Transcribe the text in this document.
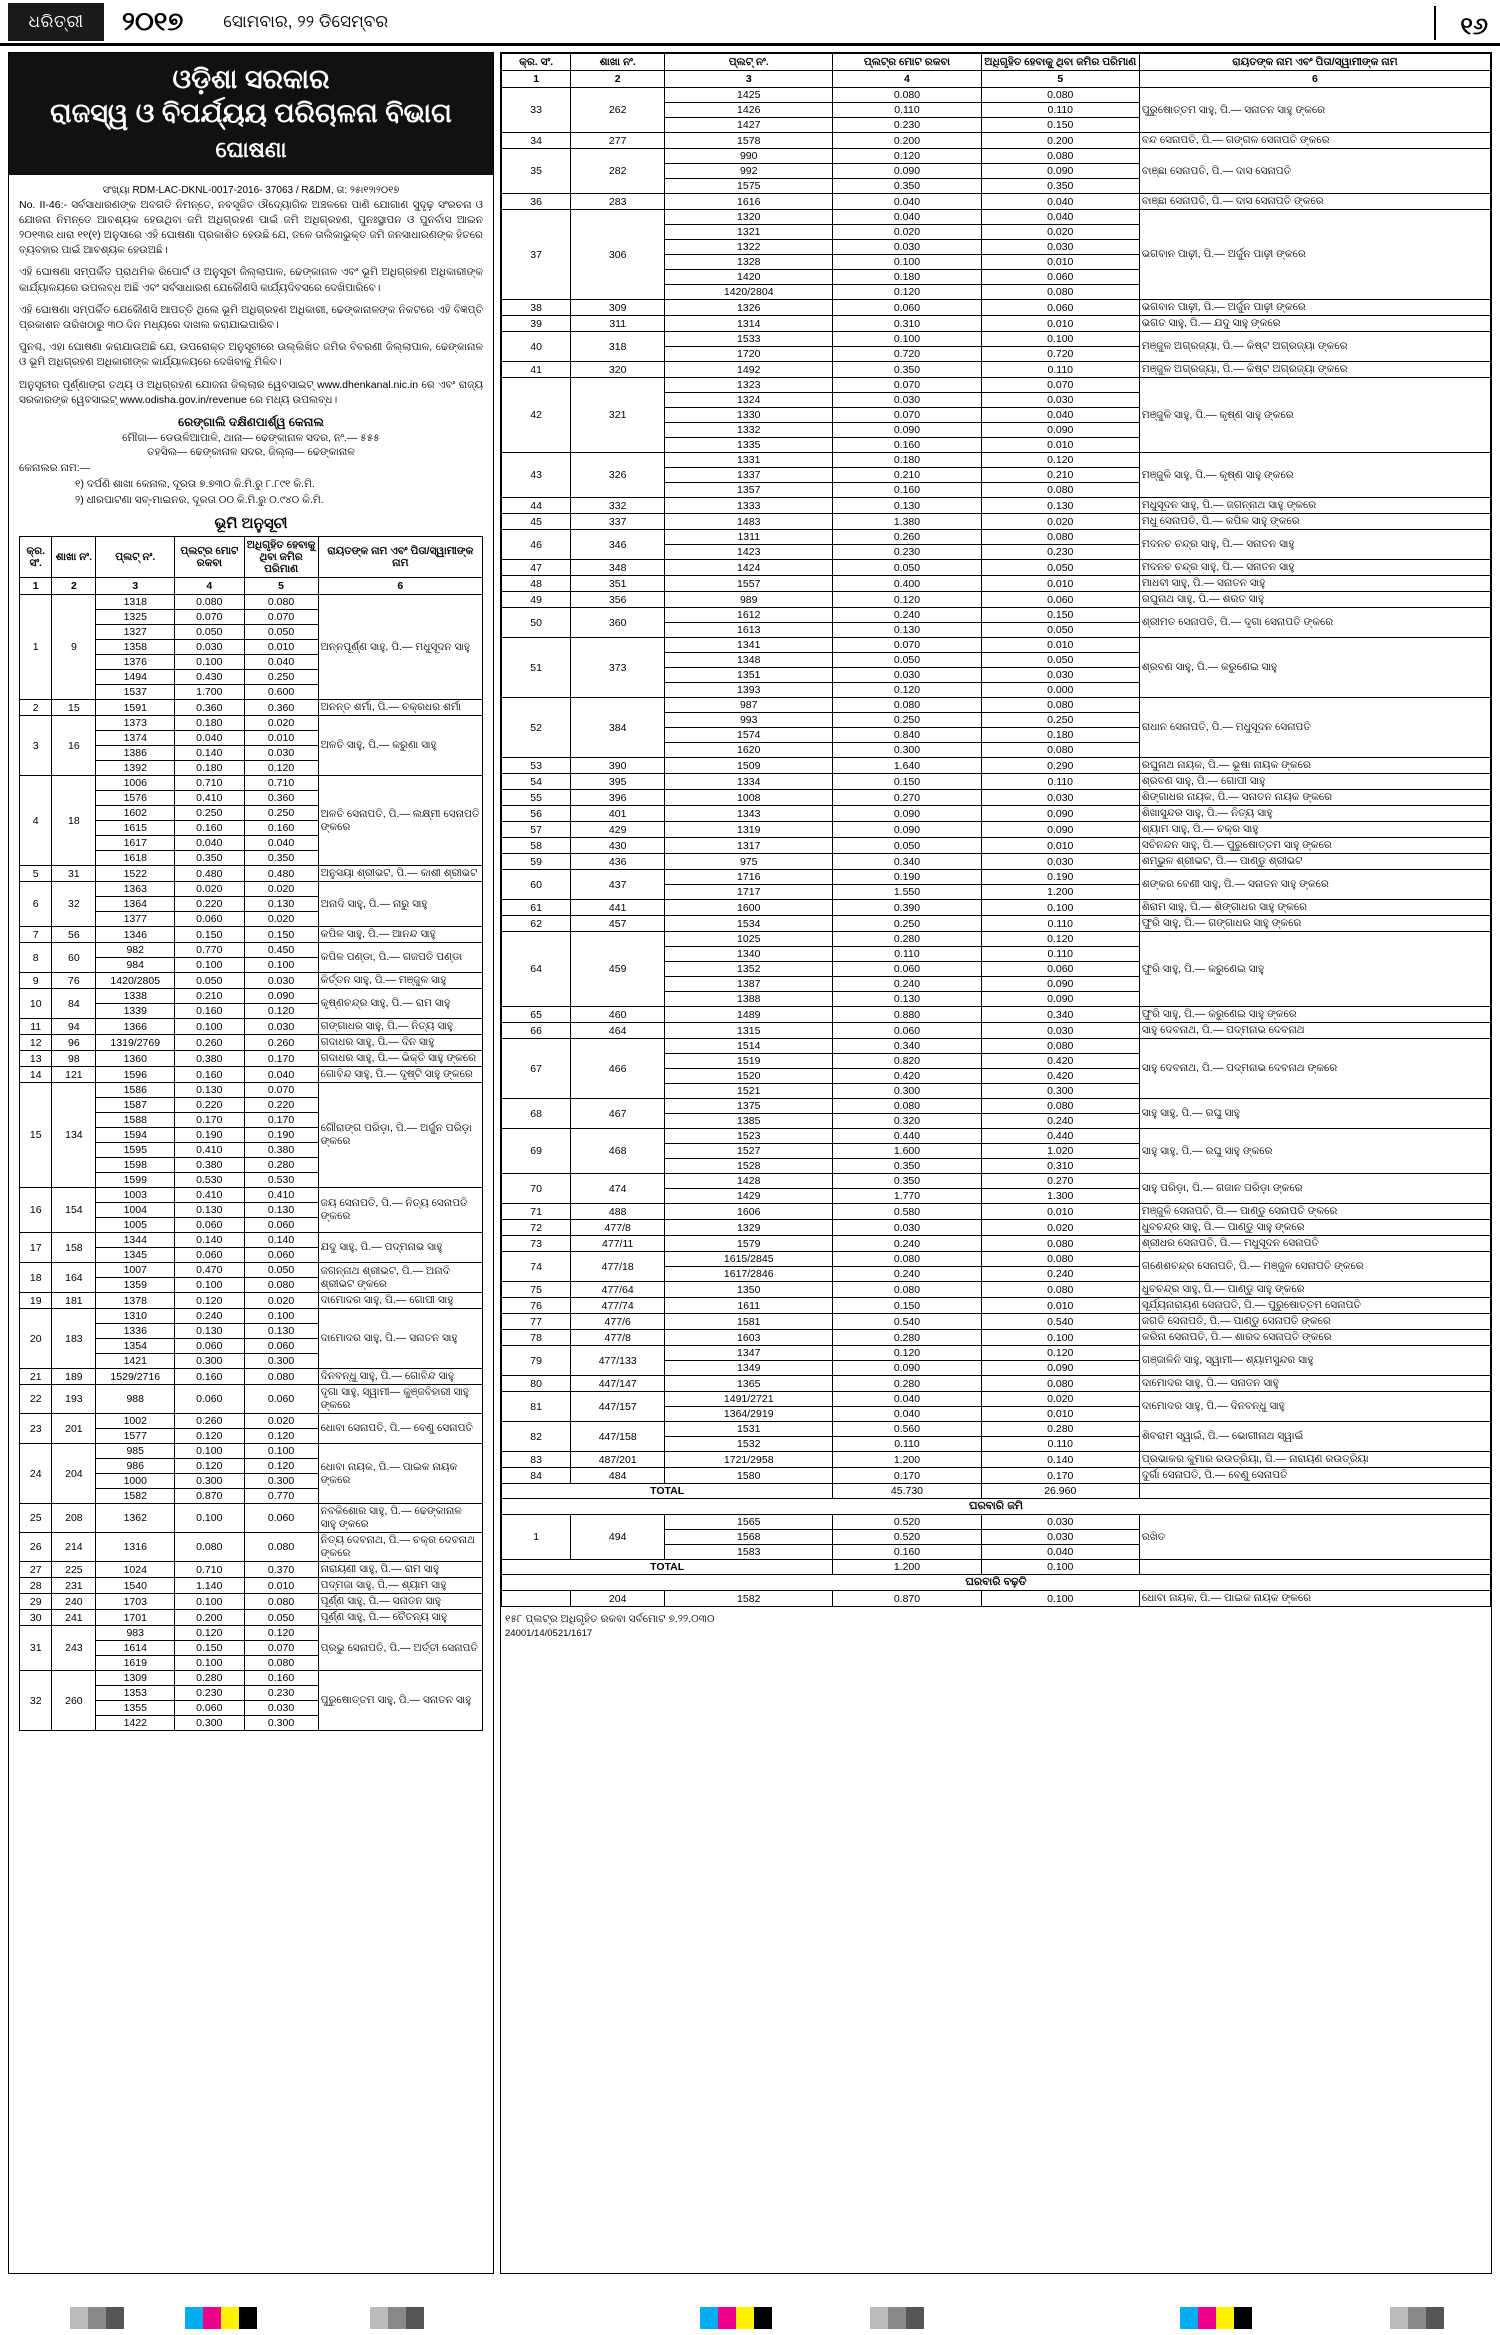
ଧରିତ୍ରୀ	୨୦୧୭ ସୋମବାର, ୨୨ ଡିସେମ୍ବର	୧୬
ଓଡ଼ିଶା ସରକାର
ରାଜସ୍ୱ ଓ ବିପର୍ଯ୍ୟୟ ପରିଚାଳନା ବିଭାଗ
ଘୋଷଣା
ସଂଖ୍ୟା RDM-LAC-DKNL-0017-2016- 37063 / R&DM, ତା: ୨୫୲୧୨୲୨୦୧୭

No. II-46:- ସର୍ବସାଧାରଣଙ୍କ ଅବଗତି ନିମନ୍ତେ, ନବସୃଜିତ ଔଦ୍ୟୋଗିକ ଅଞ୍ଚଳରେ ପାଣି ଯୋଗାଣ ସୁଦୃଢ଼ ସଂରଚନା ଓ ଯୋଜନା ନିମନ୍ତେ ଆବଶ୍ୟକ ହେଉଥିବା ଜମି ଅଧିଗ୍ରହଣ ପାଇଁ ଜମି ଅଧିଗ୍ରହଣ, ପୁନଃସ୍ଥାପନ ଓ ପୁନର୍ବାସ ଆଇନ ୨୦୧୩ର ଧାରା ୧୧(୧) ଅନୁସାରେ ଏହି ଘୋଷଣା ପ୍ରକାଶିତ ହେଉଛି ଯେ, ତଳେ ତାଲିକାଭୁକ୍ତ ଜମି ଜନସାଧାରଣଙ୍କ ହିତରେ ବ୍ୟବହାର ପାଇଁ ଆବଶ୍ୟକ ହେଉଅଛି।

ଏହି ଘୋଷଣା ସମ୍ପର୍କିତ ପ୍ରାଥମିକ ରିପୋର୍ଟ ଓ ଅନୁସୂଚୀ ଜିଲ୍ଲାପାଳ, ଢେଙ୍କାନାଳ ଏବଂ ଭୂମି ଅଧିଗ୍ରହଣ ଅଧିକାରୀଙ୍କ କାର୍ଯ୍ୟାଳୟରେ ଉପଲବ୍ଧ ଅଛି ଏବଂ ସର୍ବସାଧାରଣ ଯେକୌଣସି କାର୍ଯ୍ୟଦିବସରେ ଦେଖିପାରିବେ।

ଏହି ଘୋଷଣା ସମ୍ପର୍କିତ ଯେକୌଣସି ଆପତ୍ତି ଥିଲେ ଭୂମି ଅଧିଗ୍ରହଣ ଅଧିକାରୀ, ଢେଙ୍କାନାଳଙ୍କ ନିକଟରେ ଏହି ବିଜ୍ଞପ୍ତି ପ୍ରକାଶନ ତାରିଖଠାରୁ ୩୦ ଦିନ ମଧ୍ୟରେ ଦାଖଲ କରାଯାଇପାରିବ।

ପୁନଶ୍ଚ, ଏହା ଘୋଷଣା କରାଯାଉଅଛି ଯେ, ଉପରୋକ୍ତ ଅନୁସୂଚୀରେ ଉଲ୍ଲିଖିତ ଜମିର ବିବରଣୀ ଜିଲ୍ଲାପାଳ, ଢେଙ୍କାନାଳ ଓ ଭୂମି ଅଧିଗ୍ରହଣ ଅଧିକାରୀଙ୍କ କାର୍ଯ୍ୟାଳୟରେ ଦେଖିବାକୁ ମିଳିବ।

ଅନୁସୂଚୀର ପୂର୍ଣ୍ଣାଙ୍ଗ ତଥ୍ୟ ଓ ଅଧିଗ୍ରହଣ ଯୋଜନା ଜିଲ୍ଲାର ୱେବସାଇଟ୍ www.dhenkanal.nic.in ରେ ଏବଂ ରାଜ୍ୟ ସରକାରଙ୍କ ୱେବସାଇଟ୍ www.odisha.gov.in/revenue ରେ ମଧ୍ୟ ଉପଲବ୍ଧ।

ରେଙ୍ଗାଲି ଦକ୍ଷିଣପାର୍ଶ୍ୱ କେନାଲ
ମୌଜା— ଡେଉଳିଆପାଳି, ଥାନା— ଢେଙ୍କାନାଳ ସଦର, ନଂ.— ୫୫୫
ତହସିଲ— ଢେଙ୍କାନାଳ ସଦର, ଜିଲ୍ଲା— ଢେଙ୍କାନାଳ
କେନାଲର ନାମ:—
୧) ଦର୍ପଣି ଶାଖା କେନାଲ, ଦୂରତା ୭.୭୩୦ କି.ମି.ରୁ ୮.୮୯୧ କି.ମି.
୨) ଧୀରପାଟଣା ସବ୍‌-ମାଇନର, ଦୂରତା ୦୦ କି.ମି.ରୁ ୦.୯୪୦ କି.ମି.
ଭୂମି ଅନୁସୂଚୀ
କ୍ର. ସଂ.	ଶାଖା ନଂ.	ପ୍ଲଟ୍ ନଂ.	ପ୍ଲଟ୍‌ର ମୋଟ ରକବା	ଅଧିଗୃହିତ ହେବାକୁ ଥିବା ଜମିର ପରିମାଣ	ରାୟତଙ୍କ ନାମ ଏବଂ ପିତା/ସ୍ୱାମୀଙ୍କ ନାମ
1	2	3	4	5	6
1	9	1318	0.080	0.080	ଅନ୍ନପୂର୍ଣ୍ଣ ସାହୁ, ପି.— ମଧୁସୂଦନ ସାହୁ
		1325	0.070	0.070	
		1327	0.050	0.050	
		1358	0.030	0.010	
		1376	0.100	0.040	
		1494	0.430	0.250	
		1537	1.700	0.600	
2	15	1591	0.360	0.360	ଅନନ୍ତ ଶର୍ମା, ପି.— ଚକ୍ରଧର ଶର୍ମା
3	16	1373	0.180	0.020	ଅଳତି ସାହୁ, ପି.— କରୁଣା ସାହୁ
		1374	0.040	0.010	
		1386	0.140	0.030	
		1392	0.180	0.120	
4	18	1006	0.710	0.710	ଅଳତି ସେନାପତି, ପି.— ଲକ୍ଷ୍ମୀ ସେନାପତି ଙ୍କରେ
		1576	0.410	0.360	
		1602	0.250	0.250	
		1615	0.160	0.160	
		1617	0.040	0.040	
		1618	0.350	0.350	
5	31	1522	0.480	0.480	ଅନୁସୟା ଶ୍ରୀଭଟ, ପି.— କାଶୀ ଶ୍ରୀଭଟ
6	32	1363	0.020	0.020	ଅନାଦି ସାହୁ, ପି.— ନାରୁ ସାହୁ
		1364	0.220	0.130	
		1377	0.060	0.020	
7	56	1346	0.150	0.150	କପିଳ ସାହୁ, ପି.— ଆନନ୍ଦ ସାହୁ
8	60	982	0.770	0.450	କପିଳ ପଣ୍ଡା, ପି.— ଗଜପତି ପଣ୍ଡା
		984	0.100	0.100	
9	76	1420/2805	0.050	0.030	କିର୍ତ୍ତନ ସାହୁ, ପି.— ମଞ୍ଜୁଳ ସାହୁ
10	84	1338	0.210	0.090	କୃଷ୍ଣଚନ୍ଦ୍ର ସାହୁ, ପି.— ରାମ ସାହୁ
		1339	0.160	0.120	
11	94	1366	0.100	0.030	ଗଙ୍ଗାଧର ସାହୁ, ପି.— ନିତ୍ୟ ସାହୁ
12	96	1319/2769	0.260	0.260	ଗଦାଧର ସାହୁ, ପି.— ଦିନ ସାହୁ
13	98	1360	0.380	0.170	ଗଦାଧର ସାହୁ, ପି.— ଭିକ୍ତି ସାହୁ ଙ୍କରେ
14	121	1596	0.160	0.040	ଗୋବିନ୍ଦ ସାହୁ, ପି.— ଦୃଷ୍ଟି ସାହୁ ଙ୍କରେ
15	134	1586	0.130	0.070	ଗୌରାଙ୍ଗ ପରିଡ଼ା, ପି.— ଅର୍ଜୁନ ପରିଡ଼ା ଙ୍କରେ
		1587	0.220	0.220	
		1588	0.170	0.170	
		1594	0.190	0.190	
		1595	0.410	0.380	
		1598	0.380	0.280	
		1599	0.530	0.530	
16	154	1003	0.410	0.410	ଜୟ ସେନାପତି, ପି.— ନିତ୍ୟ ସେନାପତି ଙ୍କରେ
		1004	0.130	0.130	
		1005	0.060	0.060	
17	158	1344	0.140	0.140	ଯଦୁ ସାହୁ, ପି.— ପଦ୍ମନାଭ ସାହୁ
		1345	0.060	0.060	
18	164	1007	0.470	0.050	ଜଗନ୍ନାଥ ଶ୍ରୀଭଟ, ପି.— ଅନାଦି ଶ୍ରୀଭଟ ଙ୍କରେ
		1359	0.100	0.080	
19	181	1378	0.120	0.020	ଦାମୋଦର ସାହୁ, ପି.— ଗୋପୀ ସାହୁ
20	183	1310	0.240	0.100	ଦାମୋଦର ସାହୁ, ପି.— ସନାତନ ସାହୁ
		1336	0.130	0.130	
		1354	0.060	0.060	
		1421	0.300	0.300	
21	189	1529/2716	0.160	0.080	ଦିନବନ୍ଧୁ ସାହୁ, ପି.— ଗୋବିନ୍ଦ ସାହୁ
22	193	988	0.060	0.060	ଦୃଗା ସାହୁ, ସ୍ୱାମୀ— କୁଞ୍ଜବିହାରୀ ସାହୁ ଙ୍କରେ
23	201	1002	0.260	0.020	ଧୋବା ସେନାପତି, ପି.— ବେଣୁ ସେନାପତି
		1577	0.120	0.120	
24	204	985	0.100	0.100	ଧୋବା ନାୟକ, ପି.— ପାଇକ ନାୟକ ଙ୍କରେ
		986	0.120	0.120	
		1000	0.300	0.300	
		1582	0.870	0.770	
25	208	1362	0.100	0.060	ନବକିଶୋର ସାହୁ, ପି.— ଢେଙ୍କାନାଳ ସାହୁ ଙ୍କରେ
26	214	1316	0.080	0.080	ନିତ୍ୟ ଦେବନାଥ, ପି.— ଚକ୍ର ଦେବନାଥ ଙ୍କରେ
27	225	1024	0.710	0.370	ନାରାୟଣୀ ସାହୁ, ପି.— ରାମ ସାହୁ
28	231	1540	1.140	0.010	ପଦ୍ମଜା ସାହୁ, ପି.— ଶ୍ୟାମ ସାହୁ
29	240	1703	0.100	0.080	ପୂର୍ଣ୍ଣ ସାହୁ, ପି.— ସନାତନ ସାହୁ
30	241	1701	0.200	0.050	ପୂର୍ଣ୍ଣ ସାହୁ, ପି.— ଚୈତନ୍ୟ ସାହୁ
31	243	983	0.120	0.120	ପ୍ରଭୁ ସେନାପତି, ପି.— ଅର୍ତ୍ତୀ ସେନାପତି
		1614	0.150	0.070	
		1619	0.100	0.080	
32	260	1309	0.280	0.160	ପୁରୁଷୋତ୍ତମ ସାହୁ, ପି.— ସନାତନ ସାହୁ
		1353	0.230	0.230	
		1355	0.060	0.030	
		1422	0.300	0.300	
କ୍ର. ସଂ.	ଶାଖା ନଂ.	ପ୍ଲଟ୍ ନଂ.	ପ୍ଲଟ୍‌ର ମୋଟ ରକବା	ଅଧିଗୃହିତ ହେବାକୁ ଥିବା ଜମିର ପରିମାଣ	ରାୟତଙ୍କ ନାମ ଏବଂ ପିତା/ସ୍ୱାମୀଙ୍କ ନାମ
1	2	3	4	5	6
33	262	1425	0.080	0.080	ପୁରୁଷୋତ୍ତମ ସାହୁ, ପି.— ସନାତନ ସାହୁ ଙ୍କରେ
		1426	0.110	0.110	
		1427	0.230	0.150	
34	277	1578	0.200	0.200	ବନ୍ଦ ସେନାପତି, ପି.— ଗଙ୍ଗଳ ସେନାପତି ଙ୍କରେ
35	282	990	0.120	0.080	ବାଞ୍ଛା ସେନାପତି, ପି.— ଦାସ ସେନାପତି
		992	0.090	0.090	
		1575	0.350	0.350	
36	283	1616	0.040	0.040	ବାଞ୍ଛା ସେନାପତି, ପି.— ଦାସ ସେନାପତି ଙ୍କରେ
37	306	1320	0.040	0.040	ଭଗବାନ ପାଢ଼ୀ, ପି.— ଅର୍ଜୁନ ପାଢ଼ୀ ଙ୍କରେ
		1321	0.020	0.020	
		1322	0.030	0.030	
		1328	0.100	0.010	
		1420	0.180	0.060	
		1420/2804	0.120	0.080	
38	309	1326	0.060	0.060	ଭଗବାନ ପାଢ଼ୀ, ପି.— ଅର୍ଜୁନ ପାଢ଼ୀ ଙ୍କରେ
39	311	1314	0.310	0.010	ଭଗତ ସାହୁ, ପି.— ଯଦୁ ସାହୁ ଙ୍କରେ
40	318	1533	0.100	0.100	ମଞ୍ଜୁଳ ଅଗ୍ରଜ୍ୟା, ପି.— କିଷ୍ଟ ଅଗ୍ରଜ୍ୟା ଙ୍କରେ
		1720	0.720	0.720	
41	320	1492	0.350	0.110	ମଞ୍ଜୁଳ ଅଗ୍ରଜ୍ୟା, ପି.— କିଷ୍ଟ ଅଗ୍ରଜ୍ୟା ଙ୍କରେ
42	321	1323	0.070	0.070	ମଞ୍ଜୁଳି ସାହୁ, ପି.— କୃଷ୍ଣ ସାହୁ ଙ୍କରେ
		1324	0.030	0.030	
		1330	0.070	0.040	
		1332	0.090	0.090	
		1335	0.160	0.010	
43	326	1331	0.180	0.120	ମଞ୍ଜୁଳି ସାହୁ, ପି.— କୃଷ୍ଣ ସାହୁ ଙ୍କରେ
		1337	0.210	0.210	
		1357	0.160	0.080	
44	332	1333	0.130	0.130	ମଧୁସୂଦନ ସାହୁ, ପି.— ଜଗନ୍ନାଥ ସାହୁ ଙ୍କରେ
45	337	1483	1.380	0.020	ମଧୁ ସେନାପତି, ପି.— କପିଳ ସାହୁ ଙ୍କରେ
46	346	1311	0.260	0.080	ମଦନଚ ଚନ୍ଦ୍ର ସାହୁ, ପି.— ସନାତନ ସାହୁ
		1423	0.230	0.230	
47	348	1424	0.050	0.050	ମଦନଚ ଚନ୍ଦ୍ର ସାହୁ, ପି.— ସନାତନ ସାହୁ
48	351	1557	0.400	0.010	ମାଧବୀ ସାହୁ, ପି.— ସନାତନ ସାହୁ
49	356	989	0.120	0.060	ରଘୁନାଥ ସାହୁ, ପି.— ଶରତ ସାହୁ
50	360	1612	0.240	0.150	ଶ୍ରୀମତ ସେନାପତି, ପି.— ଦୃଗା ସେନାପତି ଙ୍କରେ
		1613	0.130	0.050	
51	373	1341	0.070	0.010	ଶ୍ରବଣ ସାହୁ, ପି.— କରୁଣେଇ ସାହୁ
		1348	0.050	0.050	
		1351	0.030	0.030	
		1393	0.120	0.000	
52	384	987	0.080	0.080	ରାଧାନ ସେନାପତି, ପି.— ମଧୁସୂଦନ ସେନାପତି
		993	0.250	0.250	
		1574	0.840	0.180	
		1620	0.300	0.080	
53	390	1509	1.640	0.290	ରଘୁନାଥ ନାୟକ, ପି.— ଭୂଷା ନାୟକ ଙ୍କରେ
54	395	1334	0.150	0.110	ଶ୍ରବଣ ସାହୁ, ପି.— ଗୋପୀ ସାହୁ
55	396	1008	0.270	0.030	ଶିଙ୍ଗାଧର ନାୟକ, ପି.— ସନାତନ ନାୟକ ଙ୍କରେ
56	401	1343	0.090	0.090	ଶିଖାସୁନ୍ଦର ସାହୁ, ପି.— ନିତ୍ୟ ସାହୁ
57	429	1319	0.090	0.090	ଶ୍ୟାମ ସାହୁ, ପି.— ଚକ୍ର ସାହୁ
58	430	1317	0.050	0.010	ସଚିନନ୍ଦନ ସାହୁ, ପି.— ପୁରୁଷୋତ୍ତମ ସାହୁ ଙ୍କରେ
59	436	975	0.340	0.030	ଶମ୍ଭୁଳ ଶ୍ରୀଭଟ, ପି.— ପାଣ୍ଡୁ ଶ୍ରୀଭଟ
60	437	1716	0.190	0.190	ଶଙ୍କର ବେଣୀ ସାହୁ, ପି.— ସନାତନ ସାହୁ ଙ୍କରେ
		1717	1.550	1.200	
61	441	1600	0.390	0.100	ଶିରାମ ସାହୁ, ପି.— ଶିଙ୍ଗାଧର ସାହୁ ଙ୍କରେ
62	457	1534	0.250	0.110	ଫୁରି ସାହୁ, ପି.— ଗଙ୍ଗାଧର ସାହୁ ଙ୍କରେ
64	459	1025	0.280	0.120	ଫୁରି ସାହୁ, ପି.— କରୁଣେଇ ସାହୁ
		1340	0.110	0.110	
		1352	0.060	0.060	
		1387	0.240	0.090	
		1388	0.130	0.090	
65	460	1489	0.880	0.340	ଫୁରି ସାହୁ, ପି.— କରୁଣେଇ ସାହୁ ଙ୍କରେ
66	464	1315	0.060	0.030	ସାହୁ ଦେବନାଥ, ପି.— ପଦ୍ମନାଭ ଦେବନାଥ
67	466	1514	0.340	0.080	ସାହୁ ଦେବନାଥ, ପି.— ପଦ୍ମନାଭ ଦେବନାଥ ଙ୍କରେ
		1519	0.820	0.420	
		1520	0.420	0.420	
		1521	0.300	0.300	
68	467	1375	0.080	0.080	ସାହୁ ସାହୁ, ପି.— ରଘୁ ସାହୁ
		1385	0.320	0.240	
69	468	1523	0.440	0.440	ସାହୁ ସାହୁ, ପି.— ରଘୁ ସାହୁ ଙ୍କରେ
		1527	1.600	1.020	
		1528	0.350	0.310	
70	474	1428	0.350	0.270	ସାହୁ ପରିଡ଼ା, ପି.— ଗଜାନ ପରିଡ଼ା ଙ୍କରେ
		1429	1.770	1.300	
71	488	1606	0.580	0.010	ମଞ୍ଜୁଳି ସେନାପତି, ପି.— ପାଣ୍ଡୁ ସେନାପତି ଙ୍କରେ
72	477/8	1329	0.030	0.020	ଧୁବଚନ୍ଦ୍ର ସାହୁ, ପି.— ପାଣ୍ଡୁ ସାହୁ ଙ୍କରେ
73	477/11	1579	0.240	0.080	ଶ୍ରୀଧର ସେନାପତି, ପି.— ମଧୁସୂଦନ ସେନାପତି
74	477/18	1615/2845	0.080	0.080	ଗଣେଶଚନ୍ଦ୍ର ସେନାପତି, ପି.— ମଞ୍ଜୁଳ ସେନାପତି ଙ୍କରେ
		1617/2846	0.240	0.240	
75	477/64	1350	0.080	0.080	ଧୁବଚନ୍ଦ୍ର ସାହୁ, ପି.— ପାଣ୍ଡୁ ସାହୁ ଙ୍କରେ
76	477/74	1611	0.150	0.010	ସୂର୍ଯ୍ୟନାରାୟଣ ସେନାପତି, ପି.— ପୁରୁଷୋତ୍ତମ ସେନାପତି
77	477/6	1581	0.540	0.540	ଜଗତି ସେନାପତି, ପି.— ପାଣ୍ଡୁ ସେନାପତି ଙ୍କରେ
78	477/8	1603	0.280	0.100	କରିନା ସେନାପତି, ପି.— ଶାରଦ ସେନାପତି ଙ୍କରେ
79	477/133	1347	0.120	0.120	ଗଞ୍ଜାଳିନି ସାହୁ, ସ୍ୱାମୀ— ଶ୍ୟାମସୁନ୍ଦର ସାହୁ
		1349	0.090	0.090	
80	447/147	1365	0.280	0.080	ଦାମୋଦର ସାହୁ, ପି.— ସନାତନ ସାହୁ
81	447/157	1491/2721	0.040	0.020	ଦାମୋଦର ସାହୁ, ପି.— ଦିନବନ୍ଧୁ ସାହୁ
		1364/2919	0.040	0.010	
82	447/158	1531	0.560	0.280	ଶିବରାମ ସ୍ୱାଇଁ, ପି.— ଭୋଗୀନାଥ ସ୍ୱାଇଁ
		1532	0.110	0.110	
83	487/201	1721/2958	1.200	0.140	ପ୍ରଭାକର କୁମାର ରଉତ୍ରିୟା, ପି.— ନାରାୟଣ ରଉତ୍ରିୟା
84	484	1580	0.170	0.170	ଦୁର୍ଗା ସେନାପତି, ପି.— ବେଣୁ ସେନାପତି
TOTAL			45.730	26.960	
ଘରବାରି ଜମି					
1	494	1565	0.520	0.030	ରଖିତ
		1568	0.520	0.030	
		1583	0.160	0.040	
TOTAL			1.200	0.100	
ଘରବାରି ବଢ଼ତି					
	204	1582	0.870	0.100	ଧୋବା ନାୟକ, ପି.— ପାଇକ ନାୟକ ଙ୍କରେ
୧୫୮ ପ୍ଲଟ୍‌ର ଅଧିଗୃହିତ ରକବା ସର୍ବମୋଟ ୭.୨୨.୦୩୦
24001/14/0521/1617
